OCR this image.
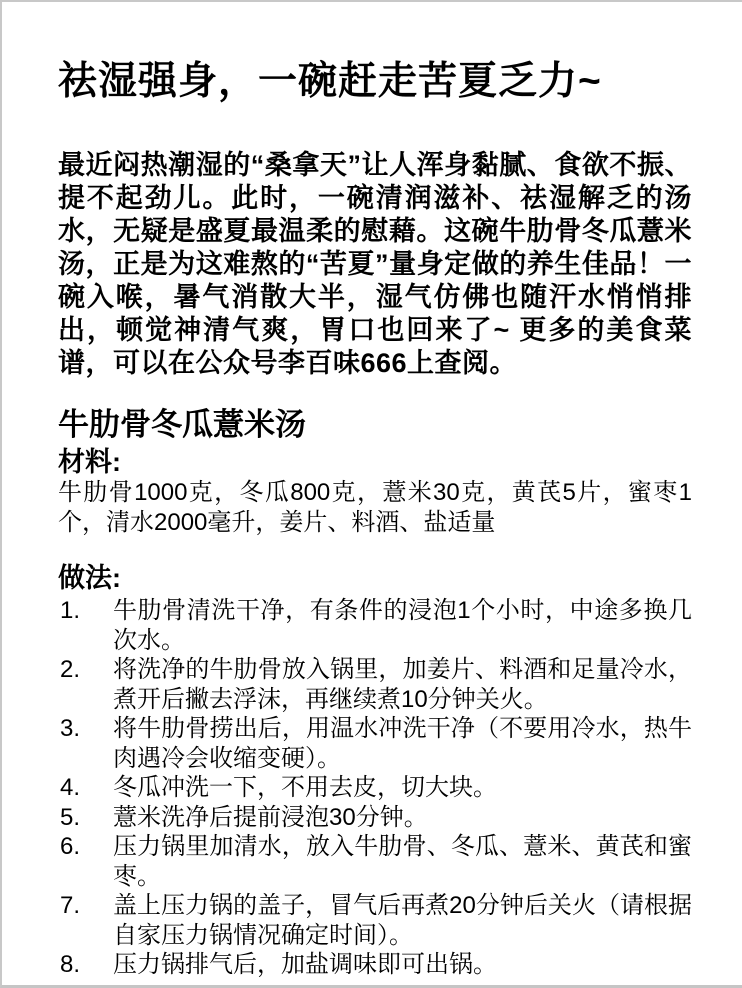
祛湿强身，一碗赶走苦夏乏力~

最近闷热潮湿的“桑拿天”让人浑身黏腻、食欲不振、提不起劲儿。此时，一碗清润滋补、祛湿解乏的汤水，无疑是盛夏最温柔的慰藉。这碗牛肋骨冬瓜薏米汤，正是为这难熬的“苦夏”量身定做的养生佳品！一碗入喉，暑气消散大半，湿气仿佛也随汗水悄悄排出，顿觉神清气爽，胃口也回来了~ 更多的美食菜谱，可以在公众号李百味666上查阅。

牛肋骨冬瓜薏米汤
材料:

牛肋骨1000克，冬瓜800克，薏米30克，黄芪5片，蜜枣1个，清水2000毫升，姜片、料酒、盐适量

做法:
牛肋骨清洗干净，有条件的浸泡1个小时，中途多换几次水。
将洗净的牛肋骨放入锅里，加姜片、料酒和足量冷水，煮开后撇去浮沫，再继续煮10分钟关火。
将牛肋骨捞出后，用温水冲洗干净（不要用冷水，热牛肉遇冷会收缩变硬）。
冬瓜冲洗一下，不用去皮，切大块。
薏米洗净后提前浸泡30分钟。
压力锅里加清水，放入牛肋骨、冬瓜、薏米、黄芪和蜜枣。
盖上压力锅的盖子，冒气后再煮20分钟后关火（请根据自家压力锅情况确定时间）。
压力锅排气后，加盐调味即可出锅。
